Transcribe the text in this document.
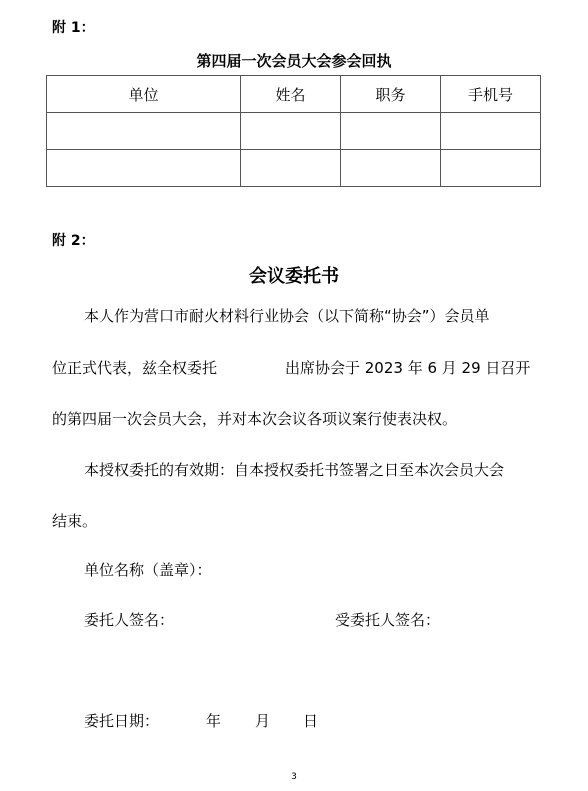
附 1：
第四届一次会员大会参会回执
单位	姓名	职务	手机号

附 2：
会议委托书
本人作为营口市耐火材料行业协会（以下简称“协会”）会员单
位正式代表，兹全权委托	出席协会于 2023 年 6 月 29 日召开
的第四届一次会员大会，并对本次会议各项议案行使表决权。
本授权委托的有效期：自本授权委托书签署之日至本次会员大会
结束。
单位名称（盖章）：
委托人签名：	受委托人签名：
委托日期：	年 月 日
3
